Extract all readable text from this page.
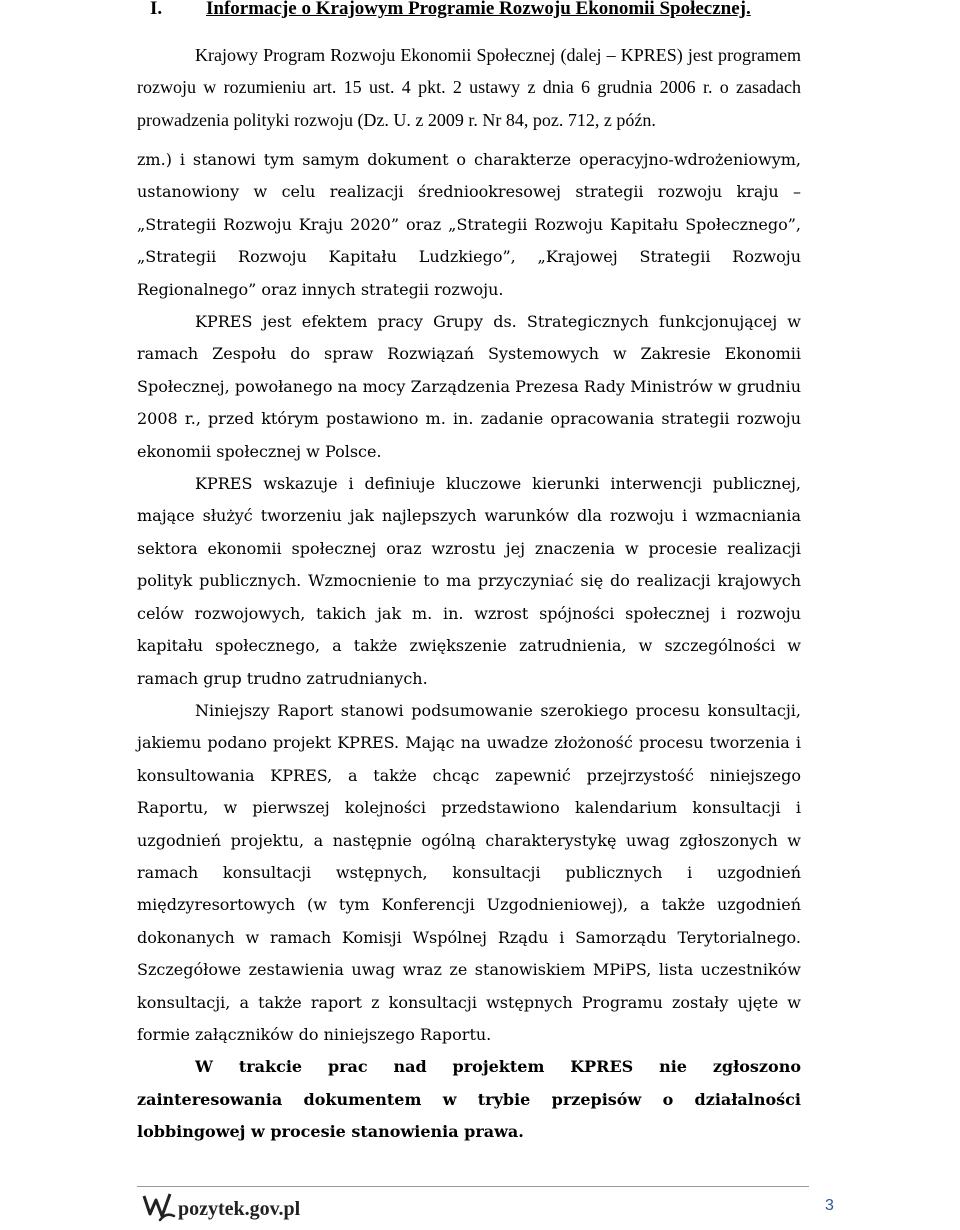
I. Informacje o Krajowym Programie Rozwoju Ekonomii Społecznej.

Krajowy Program Rozwoju Ekonomii Społecznej (dalej – KPRES) jest programem rozwoju w rozumieniu art. 15 ust. 4 pkt. 2 ustawy z dnia 6 grudnia 2006 r. o zasadach prowadzenia polityki rozwoju (Dz. U. z 2009 r. Nr 84, poz. 712, z późn.

zm.) i stanowi tym samym dokument o charakterze operacyjno-wdrożeniowym, ustanowiony w celu realizacji średniookresowej strategii rozwoju kraju – „Strategii Rozwoju Kraju 2020” oraz „Strategii Rozwoju Kapitału Społecznego”, „Strategii Rozwoju Kapitału Ludzkiego”, „Krajowej Strategii Rozwoju Regionalnego” oraz innych strategii rozwoju.

KPRES jest efektem pracy Grupy ds. Strategicznych funkcjonującej w ramach Zespołu do spraw Rozwiązań Systemowych w Zakresie Ekonomii Społecznej, powołanego na mocy Zarządzenia Prezesa Rady Ministrów w grudniu 2008 r., przed którym postawiono m. in. zadanie opracowania strategii rozwoju ekonomii społecznej w Polsce.

KPRES wskazuje i definiuje kluczowe kierunki interwencji publicznej, mające służyć tworzeniu jak najlepszych warunków dla rozwoju i wzmacniania sektora ekonomii społecznej oraz wzrostu jej znaczenia w procesie realizacji polityk publicznych. Wzmocnienie to ma przyczyniać się do realizacji krajowych celów rozwojowych, takich jak m. in. wzrost spójności społecznej i rozwoju kapitału społecznego, a także zwiększenie zatrudnienia, w szczególności w ramach grup trudno zatrudnianych.

Niniejszy Raport stanowi podsumowanie szerokiego procesu konsultacji, jakiemu podano projekt KPRES. Mając na uwadze złożoność procesu tworzenia i konsultowania KPRES, a także chcąc zapewnić przejrzystość niniejszego Raportu, w pierwszej kolejności przedstawiono kalendarium konsultacji i uzgodnień projektu, a następnie ogólną charakterystykę uwag zgłoszonych w ramach konsultacji wstępnych, konsultacji publicznych i uzgodnień międzyresortowych (w tym Konferencji Uzgodnieniowej), a także uzgodnień dokonanych w ramach Komisji Wspólnej Rządu i Samorządu Terytorialnego. Szczegółowe zestawienia uwag wraz ze stanowiskiem MPiPS, lista uczestników konsultacji, a także raport z konsultacji wstępnych Programu zostały ujęte w formie załączników do niniejszego Raportu.

W trakcie prac nad projektem KPRES nie zgłoszono zainteresowania dokumentem w trybie przepisów o działalności lobbingowej w procesie stanowienia prawa.

pozytek.gov.pl	3
